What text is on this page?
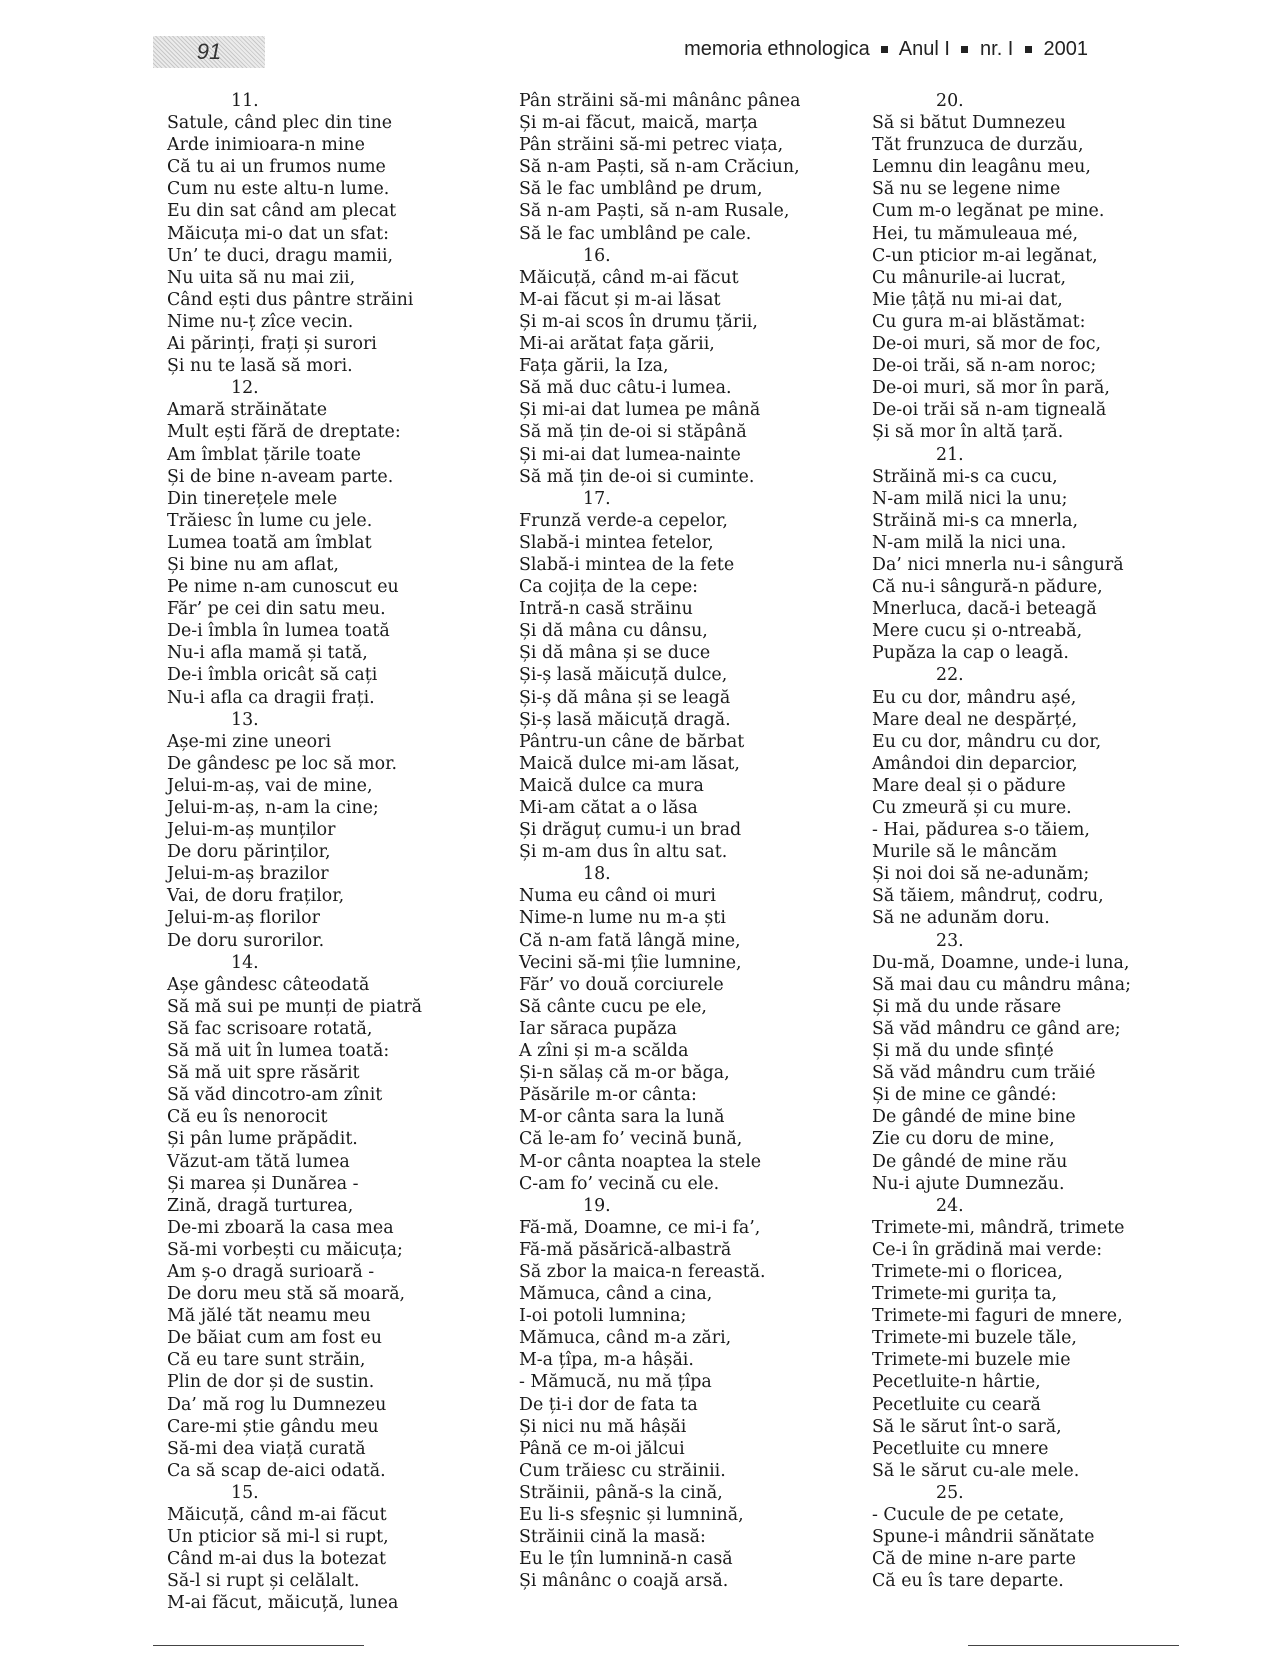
91	memoria ethnologica Anul I nr. I 2001
11.
Satule, când plec din tine
Arde inimioara-n mine
Că tu ai un frumos nume
Cum nu este altu-n lume.
Eu din sat când am plecat
Măicuța mi-o dat un sfat:
Un’ te duci, dragu mamii,
Nu uita să nu mai zii,
Când ești dus pântre străini
Nime nu-ț zîce vecin.
Ai părinți, frați și surori
Și nu te lasă să mori.
12.
Amară străinătate
Mult ești fără de dreptate:
Am îmblat țările toate
Și de bine n-aveam parte.
Din tinerețele mele
Trăiesc în lume cu jele.
Lumea toată am îmblat
Și bine nu am aflat,
Pe nime n-am cunoscut eu
Făr’ pe cei din satu meu.
De-i îmbla în lumea toată
Nu-i afla mamă și tată,
De-i îmbla oricât să cați
Nu-i afla ca dragii frați.
13.
Așe-mi zine uneori
De gândesc pe loc să mor.
Jelui-m-aș, vai de mine,
Jelui-m-aș, n-am la cine;
Jelui-m-aș munților
De doru părinților,
Jelui-m-aș brazilor
Vai, de doru fraților,
Jelui-m-aș florilor
De doru surorilor.
14.
Așe gândesc câteodată
Să mă sui pe munți de piatră
Să fac scrisoare rotată,
Să mă uit în lumea toată:
Să mă uit spre răsărit
Să văd dincotro-am zînit
Că eu îs nenorocit
Și pân lume prăpădit.
Văzut-am tătă lumea
Și marea și Dunărea -
Zină, dragă turturea,
De-mi zboară la casa mea
Să-mi vorbești cu măicuța;
Am ș-o dragă surioară -
De doru meu stă să moară,
Mă jălé tăt neamu meu
De băiat cum am fost eu
Că eu tare sunt străin,
Plin de dor și de sustin.
Da’ mă rog lu Dumnezeu
Care-mi știe gându meu
Să-mi dea viață curată
Ca să scap de-aici odată.
15.
Măicuță, când m-ai făcut
Un pticior să mi-l si rupt,
Când m-ai dus la botezat
Să-l si rupt și celălalt.
M-ai făcut, măicuță, lunea
Pân străini să-mi mânânc pânea
Și m-ai făcut, maică, marța
Pân străini să-mi petrec viața,
Să n-am Paști, să n-am Crăciun,
Să le fac umblând pe drum,
Să n-am Paști, să n-am Rusale,
Să le fac umblând pe cale.
16.
Măicuță, când m-ai făcut
M-ai făcut și m-ai lăsat
Și m-ai scos în drumu țării,
Mi-ai arătat fața gării,
Fața gării, la Iza,
Să mă duc câtu-i lumea.
Și mi-ai dat lumea pe mână
Să mă țin de-oi si stăpână
Și mi-ai dat lumea-nainte
Să mă țin de-oi si cuminte.
17.
Frunză verde-a cepelor,
Slabă-i mintea fetelor,
Slabă-i mintea de la fete
Ca cojița de la cepe:
Intră-n casă străinu
Și dă mâna cu dânsu,
Și dă mâna și se duce
Și-ș lasă măicuță dulce,
Și-ș dă mâna și se leagă
Și-ș lasă măicuță dragă.
Pântru-un câne de bărbat
Maică dulce mi-am lăsat,
Maică dulce ca mura
Mi-am cătat a o lăsa
Și drăguț cumu-i un brad
Și m-am dus în altu sat.
18.
Numa eu când oi muri
Nime-n lume nu m-a ști
Că n-am fată lângă mine,
Vecini să-mi țîie lumnine,
Făr’ vo două corciurele
Să cânte cucu pe ele,
Iar săraca pupăza
A zîni și m-a scălda
Și-n sălaș că m-or băga,
Păsările m-or cânta:
M-or cânta sara la lună
Că le-am fo’ vecină bună,
M-or cânta noaptea la stele
C-am fo’ vecină cu ele.
19.
Fă-mă, Doamne, ce mi-i fa’,
Fă-mă păsărică-albastră
Să zbor la maica-n fereastă.
Mămuca, când a cina,
I-oi potoli lumnina;
Mămuca, când m-a zări,
M-a țîpa, m-a hâșăi.
- Mămucă, nu mă țîpa
De ți-i dor de fata ta
Și nici nu mă hâșăi
Până ce m-oi jălcui
Cum trăiesc cu străinii.
Străinii, până-s la cină,
Eu li-s sfeșnic și lumnină,
Străinii cină la masă:
Eu le țîn lumnină-n casă
Și mânânc o coajă arsă.
20.
Să si bătut Dumnezeu
Tăt frunzuca de durzău,
Lemnu din leagânu meu,
Să nu se legene nime
Cum m-o legănat pe mine.
Hei, tu mămuleaua mé,
C-un pticior m-ai legănat,
Cu mânurile-ai lucrat,
Mie țâță nu mi-ai dat,
Cu gura m-ai blăstămat:
De-oi muri, să mor de foc,
De-oi trăi, să n-am noroc;
De-oi muri, să mor în pară,
De-oi trăi să n-am tigneală
Și să mor în altă țară.
21.
Străină mi-s ca cucu,
N-am milă nici la unu;
Străină mi-s ca mnerla,
N-am milă la nici una.
Da’ nici mnerla nu-i sângură
Că nu-i sângură-n pădure,
Mnerluca, dacă-i beteagă
Mere cucu și o-ntreabă,
Pupăza la cap o leagă.
22.
Eu cu dor, mândru așé,
Mare deal ne despărțé,
Eu cu dor, mândru cu dor,
Amândoi din deparcior,
Mare deal și o pădure
Cu zmeură și cu mure.
- Hai, pădurea s-o tăiem,
Murile să le mâncăm
Și noi doi să ne-adunăm;
Să tăiem, mândruț, codru,
Să ne adunăm doru.
23.
Du-mă, Doamne, unde-i luna,
Să mai dau cu mândru mâna;
Și mă du unde răsare
Să văd mândru ce gând are;
Și mă du unde sfințé
Să văd mândru cum trăié
Și de mine ce gândé:
De gândé de mine bine
Zie cu doru de mine,
De gândé de mine rău
Nu-i ajute Dumnezău.
24.
Trimete-mi, mândră, trimete
Ce-i în grădină mai verde:
Trimete-mi o floricea,
Trimete-mi gurița ta,
Trimete-mi faguri de mnere,
Trimete-mi buzele tăle,
Trimete-mi buzele mie
Pecetluite-n hârtie,
Pecetluite cu ceară
Să le sărut înt-o sară,
Pecetluite cu mnere
Să le sărut cu-ale mele.
25.
- Cucule de pe cetate,
Spune-i mândrii sănătate
Că de mine n-are parte
Că eu îs tare departe.
